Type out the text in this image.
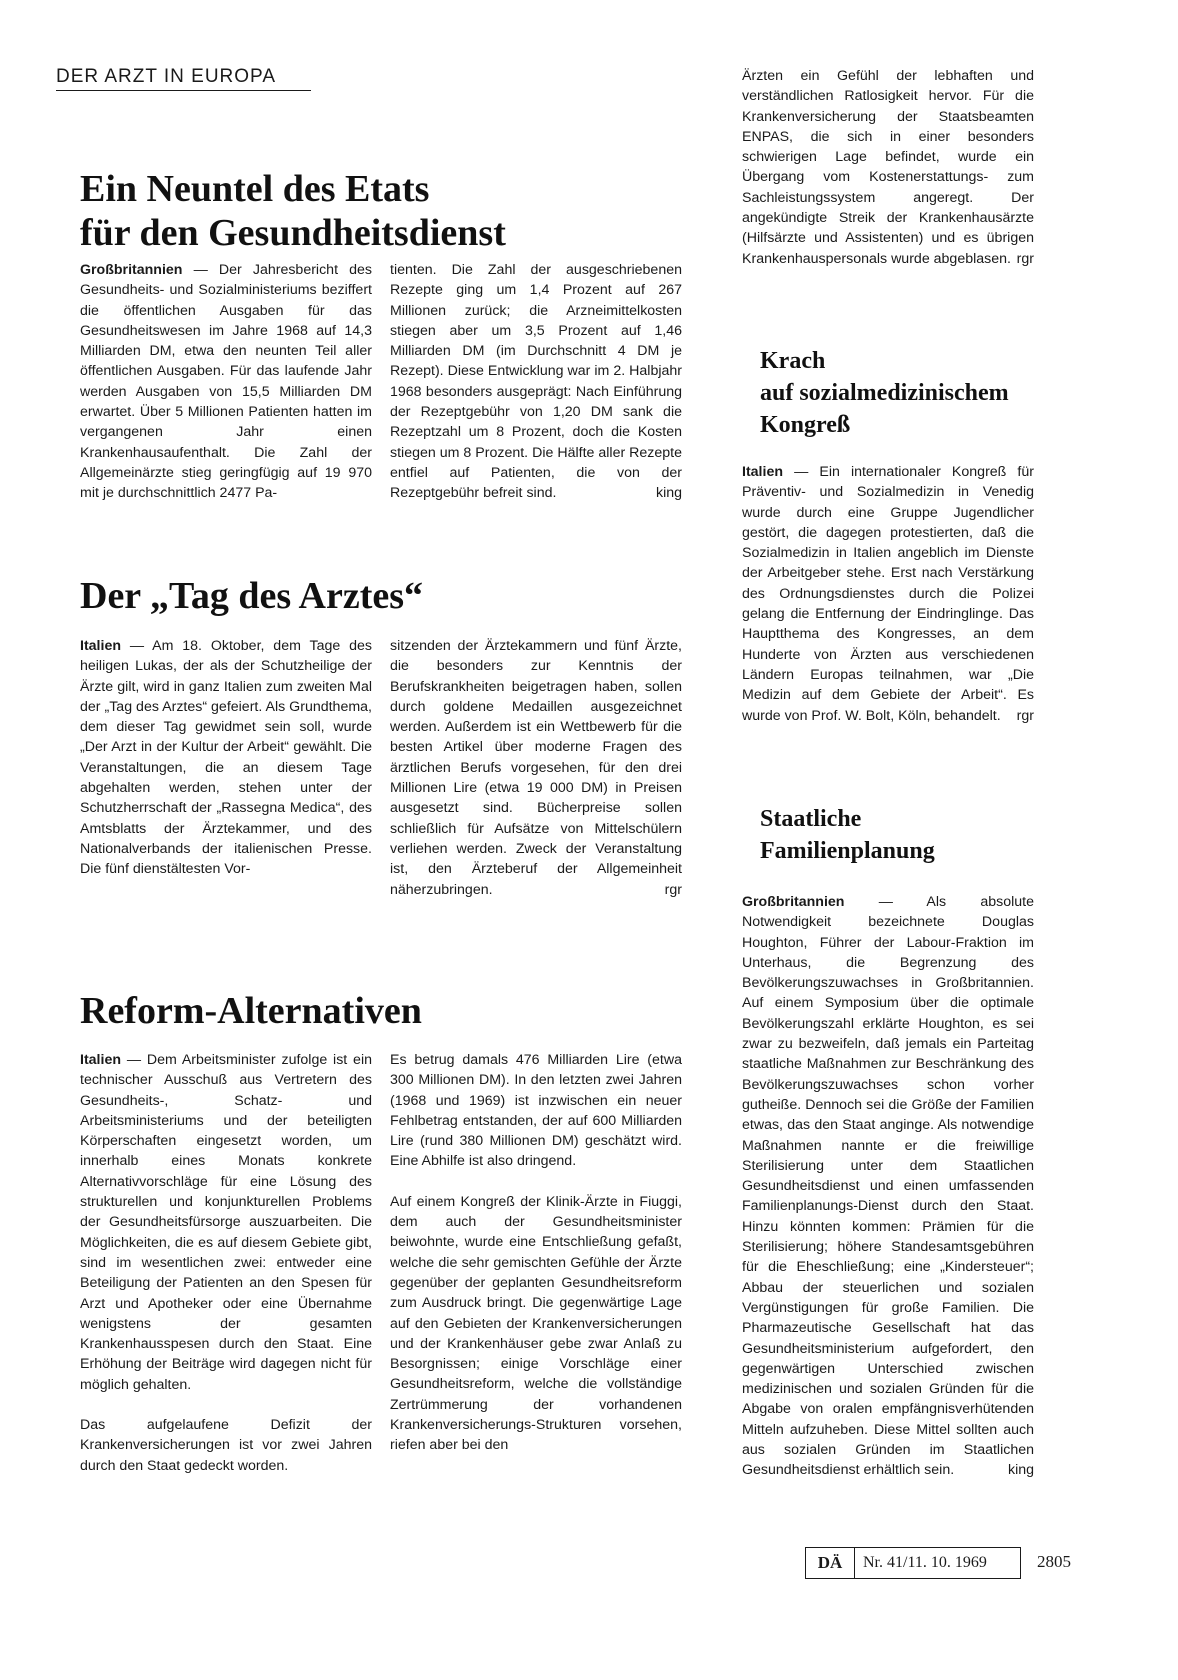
DER ARZT IN EUROPA
Ein Neuntel des Etats
für den Gesundheitsdienst

Großbritannien — Der Jahresbericht des Gesundheits- und Sozialministeriums beziffert die öffentlichen Ausgaben für das Gesundheitswesen im Jahre 1968 auf 14,3 Milliarden DM, etwa den neunten Teil aller öffentlichen Ausgaben. Für das laufende Jahr werden Ausgaben von 15,5 Milliarden DM erwartet. Über 5 Millionen Patienten hatten im vergangenen Jahr einen Krankenhausaufenthalt. Die Zahl der Allgemeinärzte stieg geringfügig auf 19 970 mit je durchschnittlich 2477 Pa-

tienten. Die Zahl der ausgeschriebenen Rezepte ging um 1,4 Prozent auf 267 Millionen zurück; die Arzneimittelkosten stiegen aber um 3,5 Prozent auf 1,46 Milliarden DM (im Durchschnitt 4 DM je Rezept). Diese Entwicklung war im 2. Halbjahr 1968 besonders ausgeprägt: Nach Einführung der Rezeptgebühr von 1,20 DM sank die Rezeptzahl um 8 Prozent, doch die Kosten stiegen um 8 Prozent. Die Hälfte aller Rezepte entfiel auf Patienten, die von der Rezeptgebühr befreit sind.	king

Der „Tag des Arztes“

Italien — Am 18. Oktober, dem Tage des heiligen Lukas, der als der Schutzheilige der Ärzte gilt, wird in ganz Italien zum zweiten Mal der „Tag des Arztes“ gefeiert. Als Grundthema, dem dieser Tag gewidmet sein soll, wurde „Der Arzt in der Kultur der Arbeit“ gewählt. Die Veranstaltungen, die an diesem Tage abgehalten werden, stehen unter der Schutzherrschaft der „Rassegna Medica“, des Amtsblatts der Ärztekammer, und des Nationalverbands der italienischen Presse. Die fünf dienstältesten Vor-

sitzenden der Ärztekammern und fünf Ärzte, die besonders zur Kenntnis der Berufskrankheiten beigetragen haben, sollen durch goldene Medaillen ausgezeichnet werden. Außerdem ist ein Wettbewerb für die besten Artikel über moderne Fragen des ärztlichen Berufs vorgesehen, für den drei Millionen Lire (etwa 19 000 DM) in Preisen ausgesetzt sind. Bücherpreise sollen schließlich für Aufsätze von Mittelschülern verliehen werden. Zweck der Veranstaltung ist, den Ärzteberuf der Allgemeinheit näherzubringen.	rgr

Reform-Alternativen

Italien — Dem Arbeitsminister zufolge ist ein technischer Ausschuß aus Vertretern des Gesundheits-, Schatz- und Arbeitsministeriums und der beteiligten Körperschaften eingesetzt worden, um innerhalb eines Monats konkrete Alternativvorschläge für eine Lösung des strukturellen und konjunkturellen Problems der Gesundheitsfürsorge auszuarbeiten. Die Möglichkeiten, die es auf diesem Gebiete gibt, sind im wesentlichen zwei: entweder eine Beteiligung der Patienten an den Spesen für Arzt und Apotheker oder eine Übernahme wenigstens der gesamten Krankenhausspesen durch den Staat. Eine Erhöhung der Beiträge wird dagegen nicht für möglich gehalten.

Das aufgelaufene Defizit der Krankenversicherungen ist vor zwei Jahren durch den Staat gedeckt worden.

Es betrug damals 476 Milliarden Lire (etwa 300 Millionen DM). In den letzten zwei Jahren (1968 und 1969) ist inzwischen ein neuer Fehlbetrag entstanden, der auf 600 Milliarden Lire (rund 380 Millionen DM) geschätzt wird. Eine Abhilfe ist also dringend.

Auf einem Kongreß der Klinik-Ärzte in Fiuggi, dem auch der Gesundheitsminister beiwohnte, wurde eine Entschließung gefaßt, welche die sehr gemischten Gefühle der Ärzte gegenüber der geplanten Gesundheitsreform zum Ausdruck bringt. Die gegenwärtige Lage auf den Gebieten der Krankenversicherungen und der Krankenhäuser gebe zwar Anlaß zu Besorgnissen; einige Vorschläge einer Gesundheitsreform, welche die vollständige Zertrümmerung der vorhandenen Krankenversicherungs-Strukturen vorsehen, riefen aber bei den

Ärzten ein Gefühl der lebhaften und verständlichen Ratlosigkeit hervor. Für die Krankenversicherung der Staatsbeamten ENPAS, die sich in einer besonders schwierigen Lage befindet, wurde ein Übergang vom Kostenerstattungs- zum Sachleistungssystem angeregt. Der angekündigte Streik der Krankenhausärzte (Hilfsärzte und Assistenten) und es übrigen Krankenhauspersonals wurde abgeblasen. rgr

Krach
auf sozialmedizinischem
Kongreß

Italien — Ein internationaler Kongreß für Präventiv- und Sozialmedizin in Venedig wurde durch eine Gruppe Jugendlicher gestört, die dagegen protestierten, daß die Sozialmedizin in Italien angeblich im Dienste der Arbeitgeber stehe. Erst nach Verstärkung des Ordnungsdienstes durch die Polizei gelang die Entfernung der Eindringlinge. Das Hauptthema des Kongresses, an dem Hunderte von Ärzten aus verschiedenen Ländern Europas teilnahmen, war „Die Medizin auf dem Gebiete der Arbeit“. Es wurde von Prof. W. Bolt, Köln, behandelt. rgr

Staatliche
Familienplanung

Großbritannien — Als absolute Notwendigkeit bezeichnete Douglas Houghton, Führer der Labour-Fraktion im Unterhaus, die Begrenzung des Bevölkerungszuwachses in Großbritannien. Auf einem Symposium über die optimale Bevölkerungszahl erklärte Houghton, es sei zwar zu bezweifeln, daß jemals ein Parteitag staatliche Maßnahmen zur Beschränkung des Bevölkerungszuwachses schon vorher gutheiße. Dennoch sei die Größe der Familien etwas, das den Staat anginge. Als notwendige Maßnahmen nannte er die freiwillige Sterilisierung unter dem Staatlichen Gesundheitsdienst und einen umfassenden Familienplanungs-Dienst durch den Staat. Hinzu könnten kommen: Prämien für die Sterilisierung; höhere Standesamtsgebühren für die Eheschließung; eine „Kindersteuer“; Abbau der steuerlichen und sozialen Vergünstigungen für große Familien. Die Pharmazeutische Gesellschaft hat das Gesundheitsministerium aufgefordert, den gegenwärtigen Unterschied zwischen medizinischen und sozialen Gründen für die Abgabe von oralen empfängnisverhütenden Mitteln aufzuheben. Diese Mittel sollten auch aus sozialen Gründen im Staatlichen Gesundheitsdienst erhältlich sein.	king

DÄ	Nr. 41/11. 10. 1969	2805
